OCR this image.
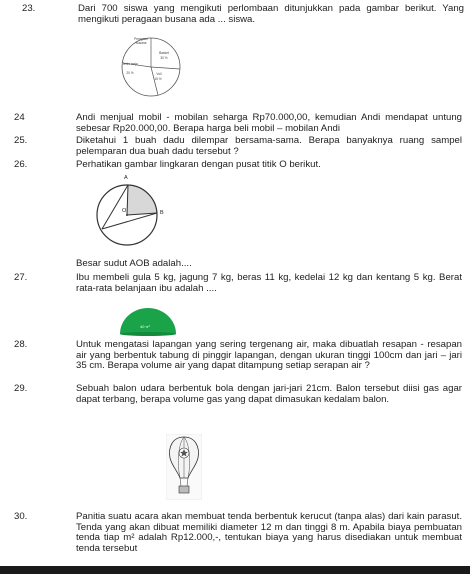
23.	Dari 700 siswa yang mengikuti perlombaan ditunjukkan pada gambar berikut. Yang mengikuti peragaan busana ada ... siswa.
Peragaan Busana
Basket
30 %
Tenis meja
20 %	Voli
15 %
24	Andi menjual mobil - mobilan seharga Rp70.000,00, kemudian Andi mendapat untung sebesar Rp20.000,00. Berapa harga beli mobil – mobilan Andi
25.	Diketahui 1 buah dadu dilempar bersama-sama. Berapa banyaknya ruang sampel pelemparan dua buah dadu tersebut ?
26.	Perhatikan gambar lingkaran dengan pusat titik O berikut.
A
B
O
Besar sudut AOB adalah....
27.	Ibu membeli gula 5 kg, jagung 7 kg, beras 11 kg, kedelai 12 kg dan kentang 5 kg. Berat rata-rata belanjaan ibu adalah ....
40 π³
28.	Untuk mengatasi lapangan yang sering tergenang air, maka dibuatlah resapan - resapan air yang berbentuk tabung di pinggir lapangan, dengan ukuran tinggi 100cm dan jari – jari 35 cm. Berapa volume air yang dapat ditampung setiap serapan air ?
29.	Sebuah balon udara berbentuk bola dengan jari-jari 21cm. Balon tersebut diisi gas agar dapat terbang, berapa volume gas yang dapat dimasukan kedalam balon.
30.	Panitia suatu acara akan membuat tenda berbentuk kerucut (tanpa alas) dari kain parasut. Tenda yang akan dibuat memiliki diameter 12 m dan tinggi 8 m. Apabila biaya pembuatan tenda tiap m² adalah Rp12.000,-, tentukan biaya yang harus disediakan untuk membuat tenda tersebut
